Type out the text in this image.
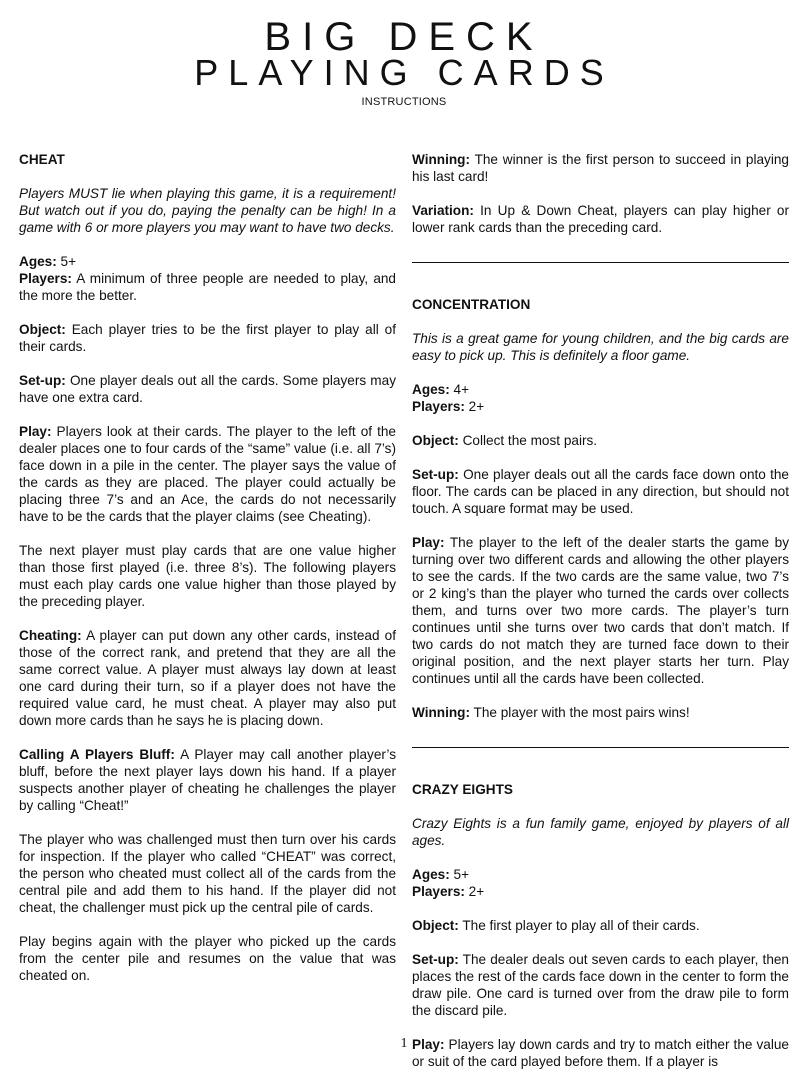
BIG DECK
PLAYING CARDS
INSTRUCTIONS

CHEAT

Players MUST lie when playing this game, it is a requirement! But watch out if you do, paying the penalty can be high! In a game with 6 or more players you may want to have two decks.

Ages: 5+

Players: A minimum of three people are needed to play, and the more the better.

Object: Each player tries to be the first player to play all of their cards.

Set-up: One player deals out all the cards. Some players may have one extra card.

Play: Players look at their cards. The player to the left of the dealer places one to four cards of the “same” value (i.e. all 7’s) face down in a pile in the center. The player says the value of the cards as they are placed. The player could actually be placing three 7’s and an Ace, the cards do not necessarily have to be the cards that the player claims (see Cheating).

The next player must play cards that are one value higher than those first played (i.e. three 8’s). The following players must each play cards one value higher than those played by the preceding player.

Cheating: A player can put down any other cards, instead of those of the correct rank, and pretend that they are all the same correct value. A player must always lay down at least one card during their turn, so if a player does not have the required value card, he must cheat. A player may also put down more cards than he says he is placing down.

Calling A Players Bluff: A Player may call another player’s bluff, before the next player lays down his hand. If a player suspects another player of cheating he challenges the player by calling “Cheat!”

The player who was challenged must then turn over his cards for inspection. If the player who called “CHEAT” was correct, the person who cheated must collect all of the cards from the central pile and add them to his hand. If the player did not cheat, the challenger must pick up the central pile of cards.

Play begins again with the player who picked up the cards from the center pile and resumes on the value that was cheated on.

Winning: The winner is the first person to succeed in playing his last card!

Variation: In Up & Down Cheat, players can play higher or lower rank cards than the preceding card.

CONCENTRATION

This is a great game for young children, and the big cards are easy to pick up. This is definitely a floor game.

Ages: 4+

Players: 2+

Object: Collect the most pairs.

Set-up: One player deals out all the cards face down onto the floor. The cards can be placed in any direction, but should not touch. A square format may be used.

Play: The player to the left of the dealer starts the game by turning over two different cards and allowing the other players to see the cards. If the two cards are the same value, two 7’s or 2 king’s than the player who turned the cards over collects them, and turns over two more cards. The player’s turn continues until she turns over two cards that don’t match. If two cards do not match they are turned face down to their original position, and the next player starts her turn. Play continues until all the cards have been collected.

Winning: The player with the most pairs wins!

CRAZY EIGHTS

Crazy Eights is a fun family game, enjoyed by players of all ages.

Ages: 5+

Players: 2+

Object: The first player to play all of their cards.

Set-up: The dealer deals out seven cards to each player, then places the rest of the cards face down in the center to form the draw pile. One card is turned over from the draw pile to form the discard pile.

Play: Players lay down cards and try to match either the value or suit of the card played before them. If a player is

1
